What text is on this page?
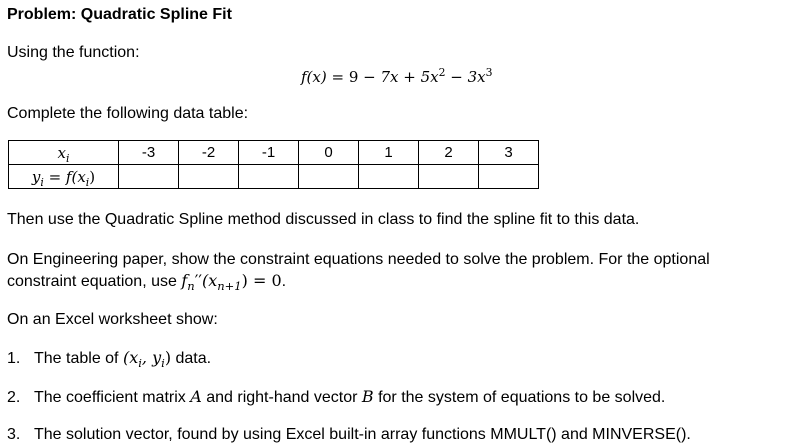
Problem: Quadratic Spline Fit
Using the function:
$f(x) = 9 - 7x + 5x^2 - 3x^3$
Complete the following data table:
$x_i$	-3	-2	-1	0	1	2	3
$y_i = f(x_i)$							
Then use the Quadratic Spline method discussed in class to find the spline fit to this data.
On Engineering paper, show the constraint equations needed to solve the problem. For the optional
constraint equation, use $f_n''(x_{n+1}) = 0$.
On an Excel worksheet show:
1. The table of ($x_i$, $y_i$) data.
2. The coefficient matrix A and right-hand vector B for the system of equations to be solved.
3. The solution vector, found by using Excel built-in array functions MMULT() and MINVERSE().
